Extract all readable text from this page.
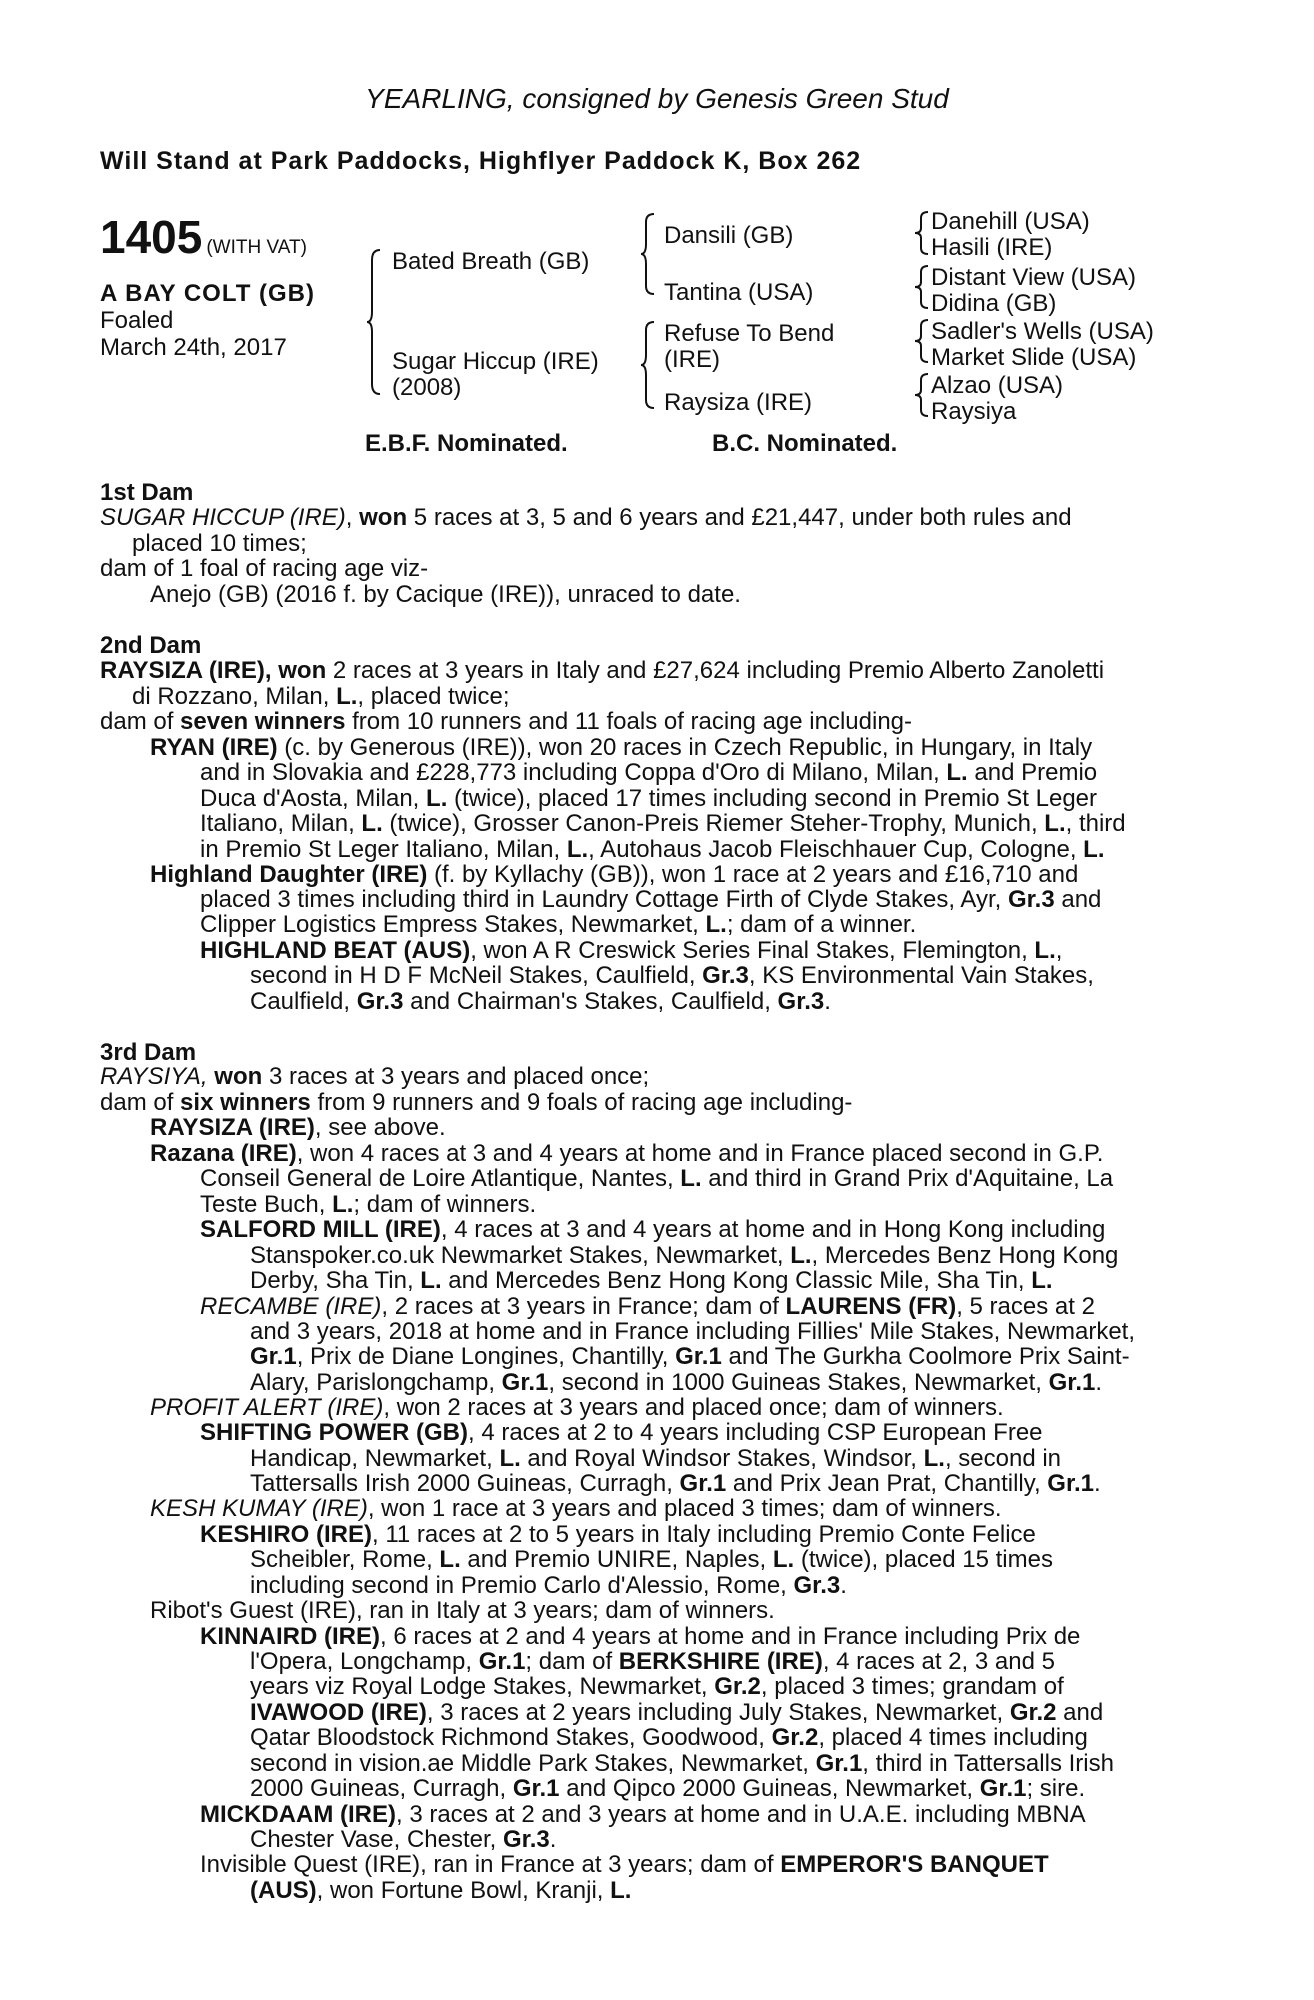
YEARLING, consigned by Genesis Green Stud
Will Stand at Park Paddocks, Highflyer Paddock K, Box 262
1405 (WITH VAT)
A BAY COLT (GB)
Foaled
March 24th, 2017
Bated Breath (GB)
Sugar Hiccup (IRE)
(2008)
Dansili (GB)
Tantina (USA)
Refuse To Bend
(IRE)
Raysiza (IRE)
Danehill (USA)
Hasili (IRE)
Distant View (USA)
Didina (GB)
Sadler's Wells (USA)
Market Slide (USA)
Alzao (USA)
Raysiya
E.B.F. Nominated.	B.C. Nominated.
1st Dam
SUGAR HICCUP (IRE), won 5 races at 3, 5 and 6 years and £21,447, under both rules and
placed 10 times;
dam of 1 foal of racing age viz-
Anejo (GB) (2016 f. by Cacique (IRE)), unraced to date.
2nd Dam
RAYSIZA (IRE), won 2 races at 3 years in Italy and £27,624 including Premio Alberto Zanoletti
di Rozzano, Milan, L., placed twice;
dam of seven winners from 10 runners and 11 foals of racing age including-
RYAN (IRE) (c. by Generous (IRE)), won 20 races in Czech Republic, in Hungary, in Italy
and in Slovakia and £228,773 including Coppa d'Oro di Milano, Milan, L. and Premio
Duca d'Aosta, Milan, L. (twice), placed 17 times including second in Premio St Leger
Italiano, Milan, L. (twice), Grosser Canon-Preis Riemer Steher-Trophy, Munich, L., third
in Premio St Leger Italiano, Milan, L., Autohaus Jacob Fleischhauer Cup, Cologne, L.
Highland Daughter (IRE) (f. by Kyllachy (GB)), won 1 race at 2 years and £16,710 and
placed 3 times including third in Laundry Cottage Firth of Clyde Stakes, Ayr, Gr.3 and
Clipper Logistics Empress Stakes, Newmarket, L.; dam of a winner.
HIGHLAND BEAT (AUS), won A R Creswick Series Final Stakes, Flemington, L.,
second in H D F McNeil Stakes, Caulfield, Gr.3, KS Environmental Vain Stakes,
Caulfield, Gr.3 and Chairman's Stakes, Caulfield, Gr.3.
3rd Dam
RAYSIYA, won 3 races at 3 years and placed once;
dam of six winners from 9 runners and 9 foals of racing age including-
RAYSIZA (IRE), see above.
Razana (IRE), won 4 races at 3 and 4 years at home and in France placed second in G.P.
Conseil General de Loire Atlantique, Nantes, L. and third in Grand Prix d'Aquitaine, La
Teste Buch, L.; dam of winners.
SALFORD MILL (IRE), 4 races at 3 and 4 years at home and in Hong Kong including
Stanspoker.co.uk Newmarket Stakes, Newmarket, L., Mercedes Benz Hong Kong
Derby, Sha Tin, L. and Mercedes Benz Hong Kong Classic Mile, Sha Tin, L.
RECAMBE (IRE), 2 races at 3 years in France; dam of LAURENS (FR), 5 races at 2
and 3 years, 2018 at home and in France including Fillies' Mile Stakes, Newmarket,
Gr.1, Prix de Diane Longines, Chantilly, Gr.1 and The Gurkha Coolmore Prix Saint-
Alary, Parislongchamp, Gr.1, second in 1000 Guineas Stakes, Newmarket, Gr.1.
PROFIT ALERT (IRE), won 2 races at 3 years and placed once; dam of winners.
SHIFTING POWER (GB), 4 races at 2 to 4 years including CSP European Free
Handicap, Newmarket, L. and Royal Windsor Stakes, Windsor, L., second in
Tattersalls Irish 2000 Guineas, Curragh, Gr.1 and Prix Jean Prat, Chantilly, Gr.1.
KESH KUMAY (IRE), won 1 race at 3 years and placed 3 times; dam of winners.
KESHIRO (IRE), 11 races at 2 to 5 years in Italy including Premio Conte Felice
Scheibler, Rome, L. and Premio UNIRE, Naples, L. (twice), placed 15 times
including second in Premio Carlo d'Alessio, Rome, Gr.3.
Ribot's Guest (IRE), ran in Italy at 3 years; dam of winners.
KINNAIRD (IRE), 6 races at 2 and 4 years at home and in France including Prix de
l'Opera, Longchamp, Gr.1; dam of BERKSHIRE (IRE), 4 races at 2, 3 and 5
years viz Royal Lodge Stakes, Newmarket, Gr.2, placed 3 times; grandam of
IVAWOOD (IRE), 3 races at 2 years including July Stakes, Newmarket, Gr.2 and
Qatar Bloodstock Richmond Stakes, Goodwood, Gr.2, placed 4 times including
second in vision.ae Middle Park Stakes, Newmarket, Gr.1, third in Tattersalls Irish
2000 Guineas, Curragh, Gr.1 and Qipco 2000 Guineas, Newmarket, Gr.1; sire.
MICKDAAM (IRE), 3 races at 2 and 3 years at home and in U.A.E. including MBNA
Chester Vase, Chester, Gr.3.
Invisible Quest (IRE), ran in France at 3 years; dam of EMPEROR'S BANQUET
(AUS), won Fortune Bowl, Kranji, L.
